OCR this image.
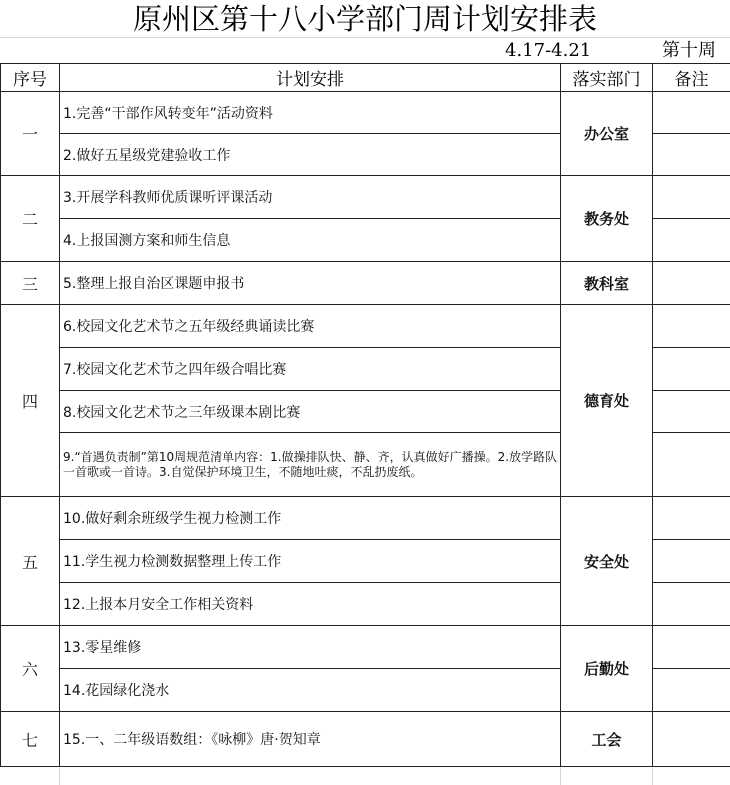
原州区第十八小学部门周计划安排表
4.17-4.21	第十周
序号	计划安排	落实部门	备注
一	1.完善“干部作风转变年”活动资料	办公室	
	2.做好五星级党建验收工作		
二	3.开展学科教师优质课听评课活动	教务处	
	4.上报国测方案和师生信息		
三	5.整理上报自治区课题申报书	教科室	
四	6.校园文化艺术节之五年级经典诵读比赛	德育处	
	7.校园文化艺术节之四年级合唱比赛		
	8.校园文化艺术节之三年级课本剧比赛		
	9.“首遇负责制”第10周规范清单内容：1.做操排队快、静、齐，认真做好广播操。2.放学路队一首歌或一首诗。3.自觉保护环境卫生，不随地吐痰，不乱扔废纸。		
五	10.做好剩余班级学生视力检测工作	安全处	
	11.学生视力检测数据整理上传工作		
	12.上报本月安全工作相关资料		
六	13.零星维修	后勤处	
	14.花园绿化浇水		
七	15.一、二年级语数组：《咏柳》唐·贺知章	工会	
